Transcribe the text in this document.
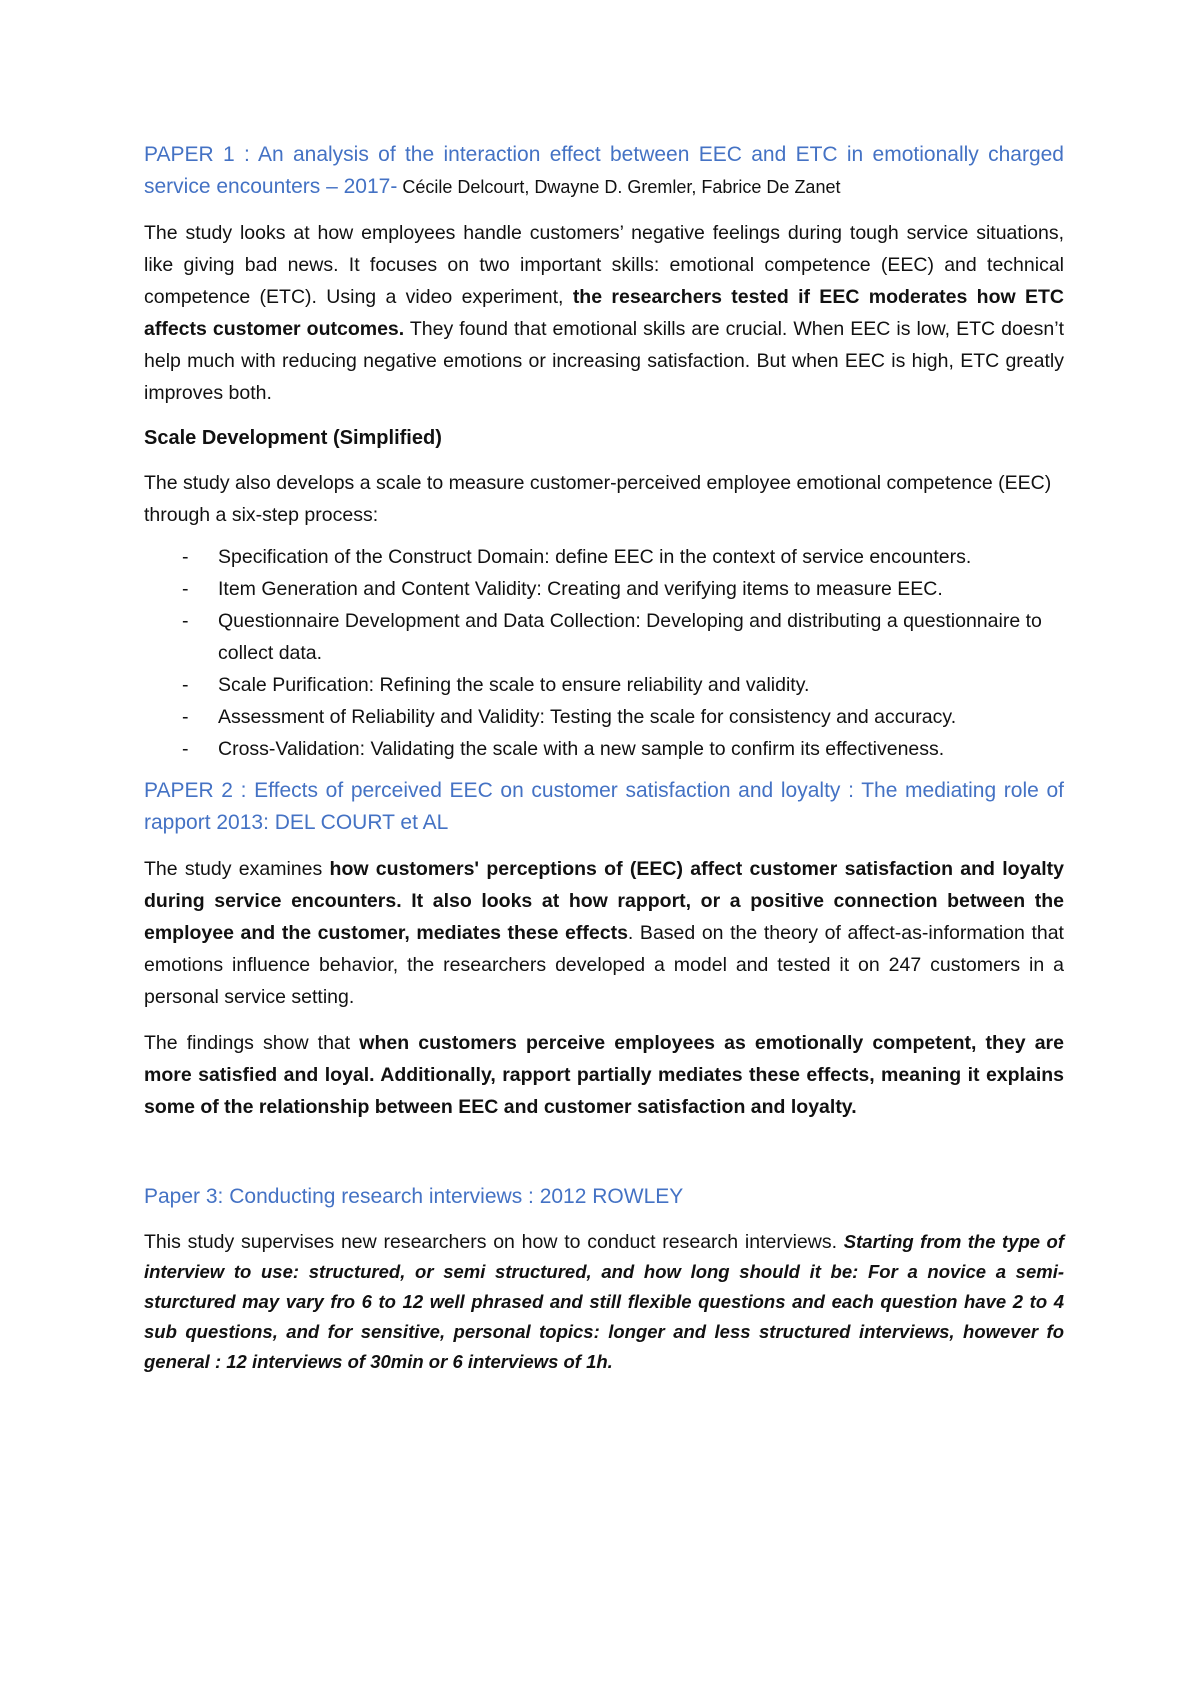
PAPER 1 : An analysis of the interaction effect between EEC and ETC in emotionally charged service encounters – 2017- Cécile Delcourt, Dwayne D. Gremler, Fabrice De Zanet

The study looks at how employees handle customers’ negative feelings during tough service situations, like giving bad news. It focuses on two important skills: emotional competence (EEC) and technical competence (ETC). Using a video experiment, the researchers tested if EEC moderates how ETC affects customer outcomes. They found that emotional skills are crucial. When EEC is low, ETC doesn’t help much with reducing negative emotions or increasing satisfaction. But when EEC is high, ETC greatly improves both.

Scale Development (Simplified)

The study also develops a scale to measure customer-perceived employee emotional competence (EEC) through a six-step process:

- Specification of the Construct Domain: define EEC in the context of service encounters.
- Item Generation and Content Validity: Creating and verifying items to measure EEC.
- Questionnaire Development and Data Collection: Developing and distributing a questionnaire to collect data.
- Scale Purification: Refining the scale to ensure reliability and validity.
- Assessment of Reliability and Validity: Testing the scale for consistency and accuracy.
- Cross-Validation: Validating the scale with a new sample to confirm its effectiveness.

PAPER 2 : Effects of perceived EEC on customer satisfaction and loyalty : The mediating role of rapport 2013: DEL COURT et AL

The study examines how customers' perceptions of (EEC) affect customer satisfaction and loyalty during service encounters. It also looks at how rapport, or a positive connection between the employee and the customer, mediates these effects. Based on the theory of affect-as-information that emotions influence behavior, the researchers developed a model and tested it on 247 customers in a personal service setting.

The findings show that when customers perceive employees as emotionally competent, they are more satisfied and loyal. Additionally, rapport partially mediates these effects, meaning it explains some of the relationship between EEC and customer satisfaction and loyalty.

Paper 3: Conducting research interviews : 2012 ROWLEY

This study supervises new researchers on how to conduct research interviews. Starting from the type of interview to use: structured, or semi structured, and how long should it be: For a novice a semi-sturctured may vary fro 6 to 12 well phrased and still flexible questions and each question have 2 to 4 sub questions, and for sensitive, personal topics: longer and less structured interviews, however fo general : 12 interviews of 30min or 6 interviews of 1h.
